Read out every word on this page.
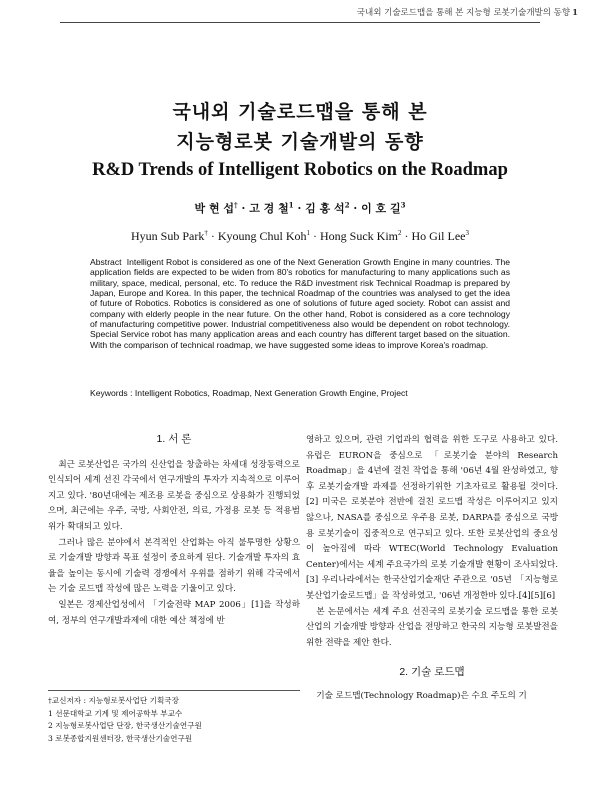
국내외 기술로드맵을 통해 본 지능형 로봇기술개발의 동향 1
국내외 기술로드맵을 통해 본
지능형로봇 기술개발의 동향
R&D Trends of Intelligent Robotics on the Roadmap
박 현 섭† · 고 경 철$^1$ · 김 홍 석$^2$ · 이 호 길$^3$
Hyun Sub Park† · Kyoung Chul Koh$^1$ · Hong Suck Kim$^2$ · Ho Gil Lee$^3$
Abstract Intelligent Robot is considered as one of the Next Generation Growth Engine in many countries. The application fields are expected to be widen from 80's robotics for manufacturing to many applications such as military, space, medical, personal, etc. To reduce the R&D investment risk Technical Roadmap is prepared by Japan, Europe and Korea. In this paper, the technical Roadmap of the countries was analysed to get the idea of future of Robotics. Robotics is considered as one of solutions of future aged society. Robot can assist and company with elderly people in the near future. On the other hand, Robot is considered as a core technology of manufacturing competitive power. Industrial competitiveness also would be dependent on robot technology. Special Service robot has many application areas and each country has different target based on the situation. With the comparison of technical roadmap, we have suggested some ideas to improve Korea's roadmap.
Keywords : Intelligent Robotics, Roadmap, Next Generation Growth Engine, Project
1. 서 론

최근 로봇산업은 국가의 신산업을 창출하는 차세대 성장동력으로 인식되어 세계 선진 각국에서 연구개발의 투자가 지속적으로 이루어지고 있다. '80년대에는 제조용 로봇을 중심으로 상용화가 진행되었으며, 최근에는 우주, 국방, 사회안전, 의료, 가정용 로봇 등 적용범위가 확대되고 있다.

그러나 많은 분야에서 본격적인 산업화는 아직 불투명한 상황으로 기술개발 방향과 목표 설정이 중요하게 된다. 기술개발 투자의 효율을 높이는 동시에 기술력 경쟁에서 우위를 점하기 위해 각국에서는 기술 로드맵 작성에 많은 노력을 기울이고 있다.

일본은 경제산업성에서 「기술전략 MAP 2006」[1]을 작성하여, 정부의 연구개발과제에 대한 예산 책정에 반

영하고 있으며, 관련 기업과의 협력을 위한 도구로 사용하고 있다. 유럽은 EURON을 중심으로 「로봇기술 분야의 Research Roadmap」을 4년에 걸친 작업을 통해 '06년 4월 완성하였고, 향후 로봇기술개발 과제를 선정하기위한 기초자료로 활용될 것이다.[2] 미국은 로봇분야 전반에 걸친 로드맵 작성은 이루어지고 있지 않으나, NASA를 중심으로 우주용 로봇, DARPA를 중심으로 국방용 로봇기술이 집중적으로 연구되고 있다. 또한 로봇산업의 중요성이 높아짐에 따라 WTEC(World Technology Evaluation Center)에서는 세계 주요국가의 로봇 기술개발 현황이 조사되었다.[3] 우리나라에서는 한국산업기술재단 주관으로 '05년 「지능형로봇산업기술로드맵」을 작성하였고, '06년 개정한바 있다.[4][5][6]

본 논문에서는 세계 주요 선진국의 로봇기술 로드맵을 통한 로봇산업의 기술개발 방향과 산업을 전망하고 한국의 지능형 로봇발전을 위한 전략을 제안 한다.

2. 기술 로드맵

기술 로드맵(Technology Roadmap)은 수요 주도의 기

†교신저자 : 지능형로봇사업단 기획국장
1 선문대학교 기계 및 제어공학부 부교수
2 지능형로봇사업단 단장, 한국생산기술연구원
3 로봇종합지원센터장, 한국생산기술연구원
